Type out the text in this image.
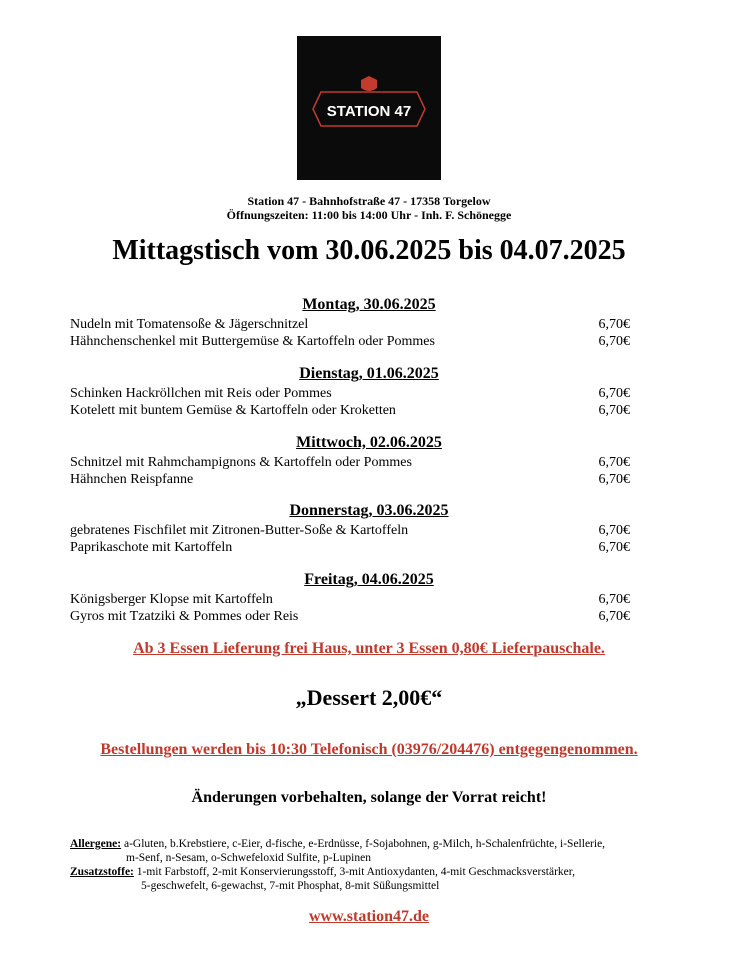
STATION 47
Station 47 - Bahnhofstraße 47 - 17358 Torgelow
Öffnungszeiten: 11:00 bis 14:00 Uhr - Inh. F. Schönegge
Mittagstisch vom 30.06.2025 bis 04.07.2025
Montag, 30.06.2025
Nudeln mit Tomatensoße & Jägerschnitzel	6,70€
Hähnchenschenkel mit Buttergemüse & Kartoffeln oder Pommes	6,70€
Dienstag, 01.06.2025
Schinken Hackröllchen mit Reis oder Pommes	6,70€
Kotelett mit buntem Gemüse & Kartoffeln oder Kroketten	6,70€
Mittwoch, 02.06.2025
Schnitzel mit Rahmchampignons & Kartoffeln oder Pommes	6,70€
Hähnchen Reispfanne	6,70€
Donnerstag, 03.06.2025
gebratenes Fischfilet mit Zitronen-Butter-Soße & Kartoffeln	6,70€
Paprikaschote mit Kartoffeln	6,70€
Freitag, 04.06.2025
Königsberger Klopse mit Kartoffeln	6,70€
Gyros mit Tzatziki & Pommes oder Reis	6,70€
Ab 3 Essen Lieferung frei Haus, unter 3 Essen 0,80€ Lieferpauschale.
„Dessert 2,00€“
Bestellungen werden bis 10:30 Telefonisch (03976/204476) entgegengenommen.
Änderungen vorbehalten, solange der Vorrat reicht!
Allergene: a-Gluten, b.Krebstiere, c-Eier, d-fische, e-Erdnüsse, f-Sojabohnen, g-Milch, h-Schalenfrüchte, i-Sellerie,
m-Senf, n-Sesam, o-Schwefeloxid Sulfite, p-Lupinen
Zusatzstoffe: 1-mit Farbstoff, 2-mit Konservierungsstoff, 3-mit Antioxydanten, 4-mit Geschmacksverstärker,
5-geschwefelt, 6-gewachst, 7-mit Phosphat, 8-mit Süßungsmittel
www.station47.de
